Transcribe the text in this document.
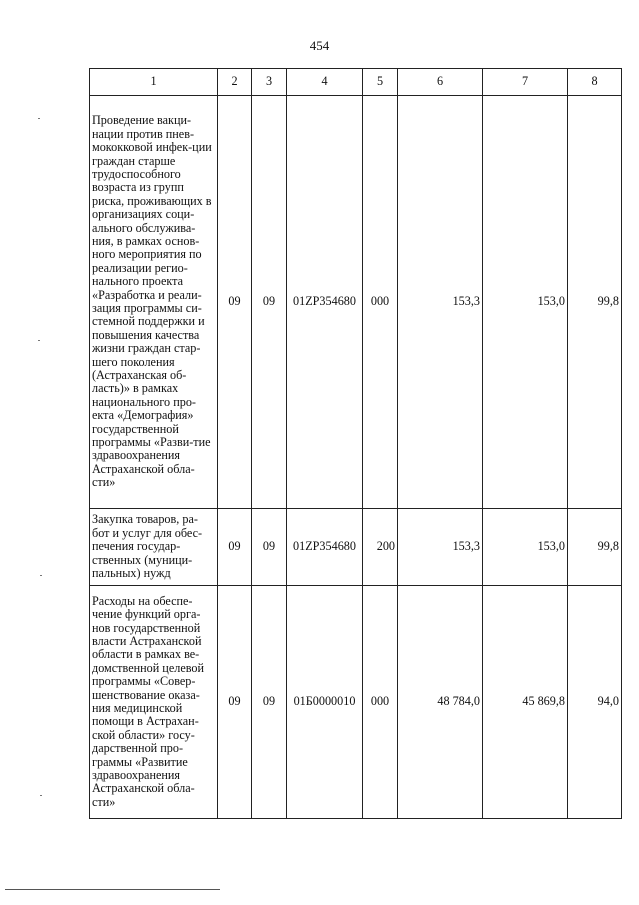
454
1	2	3	4	5	6	7	8
Проведение вакци-нации против пнев-мококковой инфек-ции граждан старше трудоспособного возраста из групп риска, проживающих в организациях соци-ального обслужива-ния, в рамках основ-ного мероприятия по реализации регио-нального проекта «Разработка и реали-зация программы си-стемной поддержки и повышения качества жизни граждан стар-шего поколения (Астраханская об-ласть)» в рамках национального про-екта «Демография» государственной программы «Разви-тие здравоохранения Астраханской обла-сти»	09	09	01ZP354680	000	153,3	153,0	99,8
Закупка товаров, ра-бот и услуг для обес-печения государ-ственных (муници-пальных) нужд	09	09	01ZP354680	200	153,3	153,0	99,8
Расходы на обеспе-чение функций орга-нов государственной власти Астраханской области в рамках ве-домственной целевой программы «Совер-шенствование оказа-ния медицинской помощи в Астрахан-ской области» госу-дарственной про-граммы «Развитие здравоохранения Астраханской обла-сти»	09	09	01Б0000010	000	48 784,0	45 869,8	94,0
